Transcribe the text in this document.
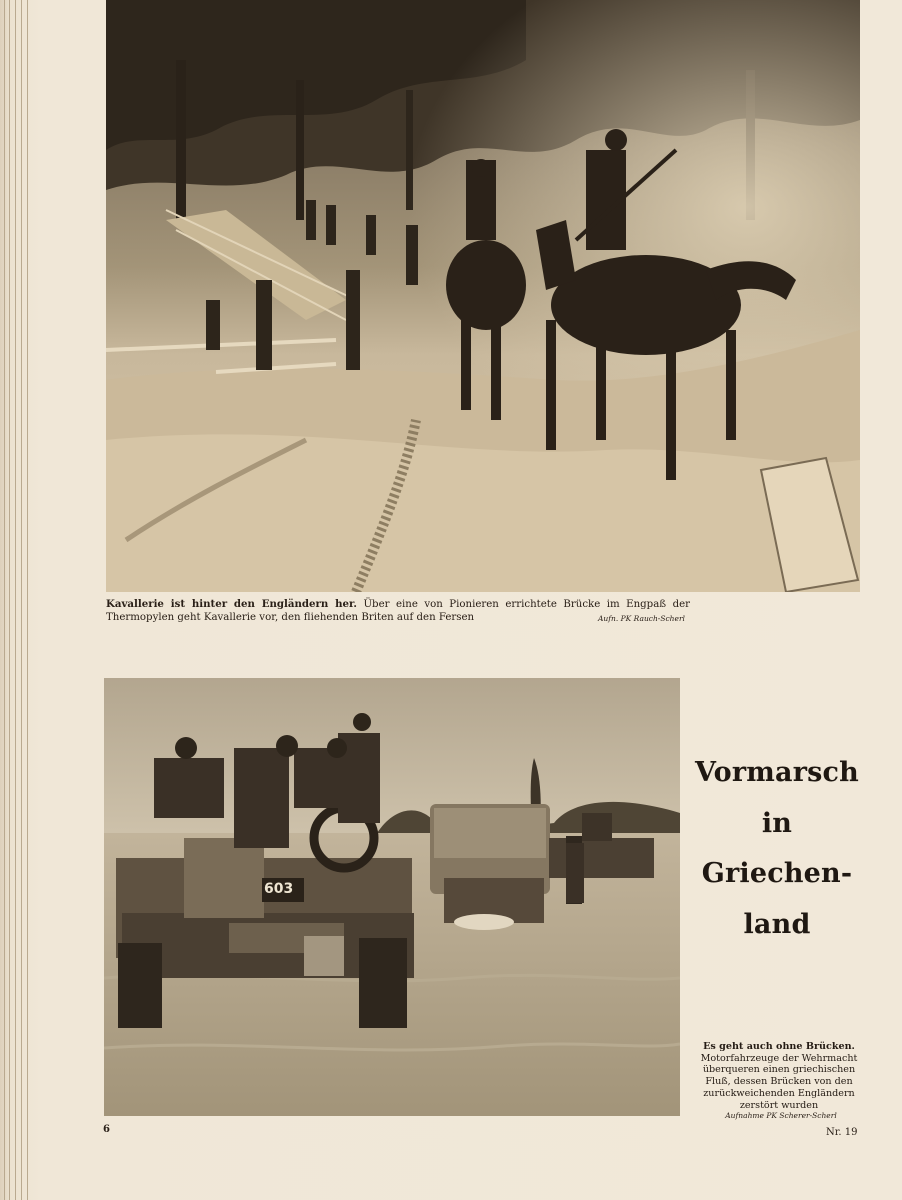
Kavallerie ist hinter den Engländern her. Über eine von Pionieren errichtete Brücke im Engpaß der Thermopylen geht Kavallerie vor, den fliehenden Briten auf den Fersen	Aufn. PK Rauch-Scherl
603
Vormarsch
in
Griechen-
land
Es geht auch ohne Brücken.
Motorfahrzeuge der Wehrmacht überqueren einen griechischen Fluß, dessen Brücken von den zurückweichenden Engländern zerstört wurden
Aufnahme PK Scherer-Scherl
6	Nr. 19
